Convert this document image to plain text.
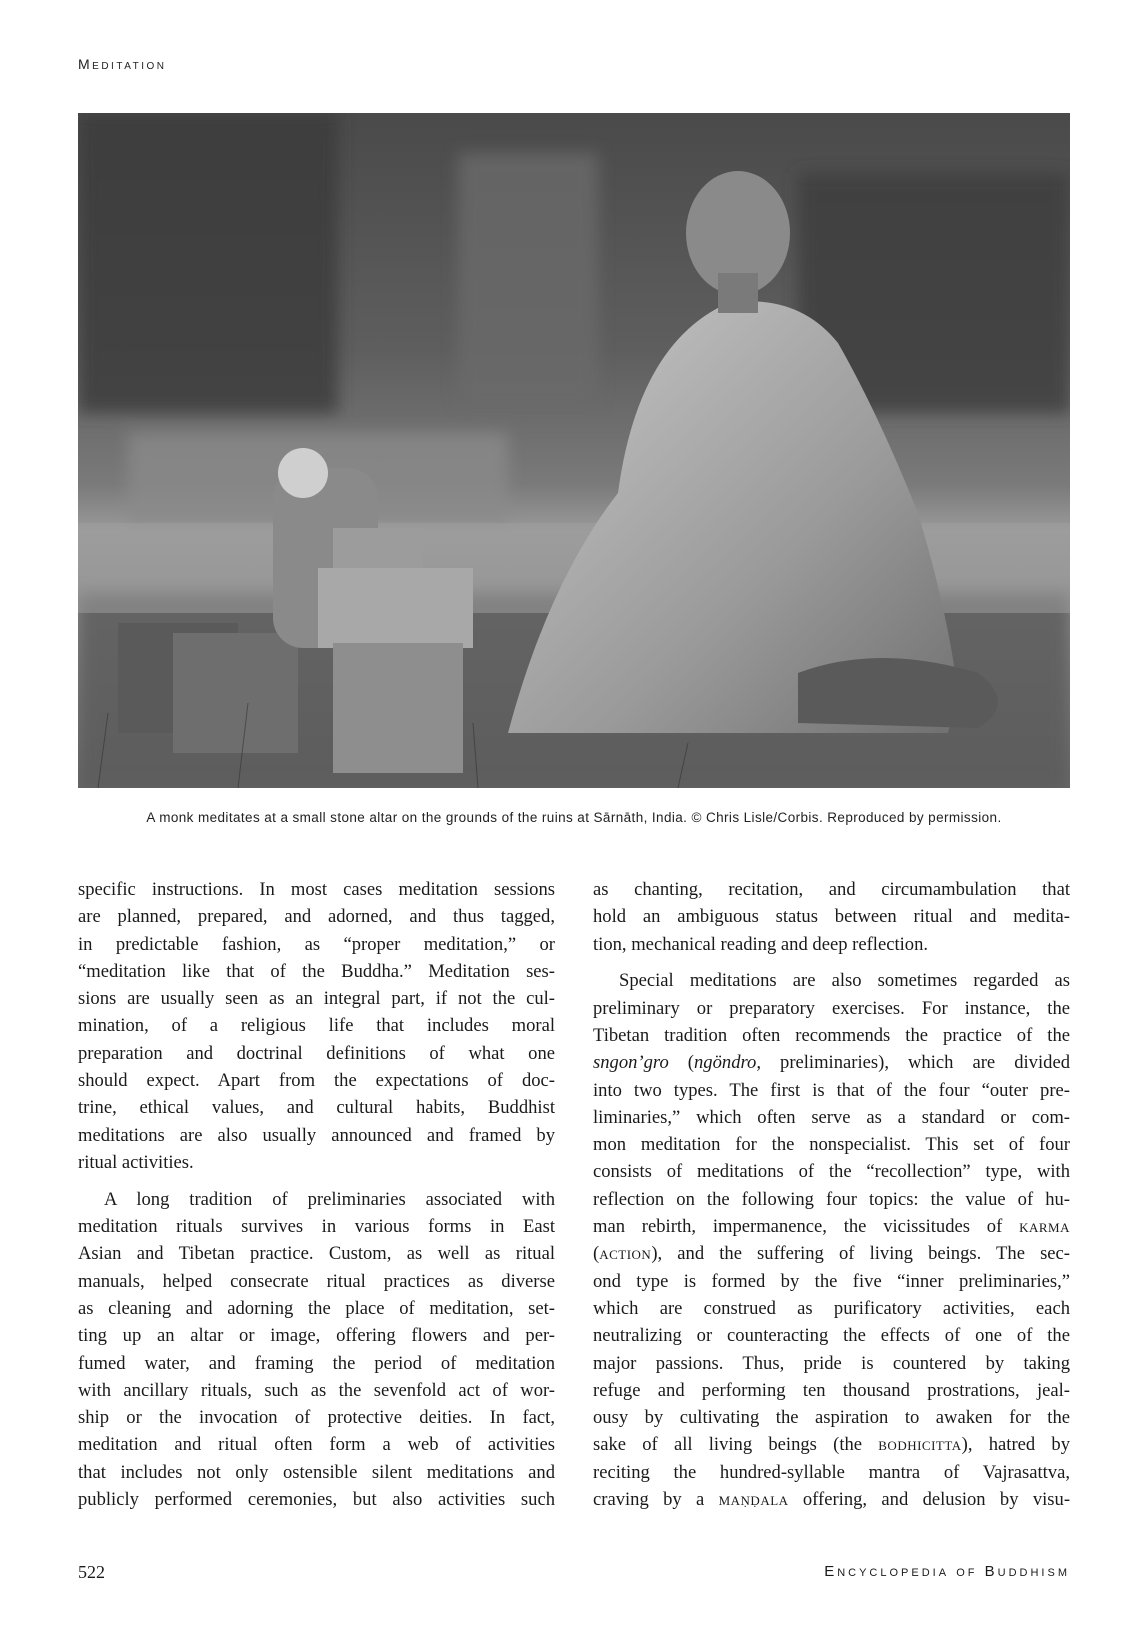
Meditation
A monk meditates at a small stone altar on the grounds of the ruins at Sārnāth, India. © Chris Lisle/Corbis. Reproduced by permission.
specific instructions. In most cases meditation sessions
are planned, prepared, and adorned, and thus tagged,
in predictable fashion, as “proper meditation,” or
“meditation like that of the Buddha.” Meditation ses-
sions are usually seen as an integral part, if not the cul-
mination, of a religious life that includes moral
preparation and doctrinal definitions of what one
should expect. Apart from the expectations of doc-
trine, ethical values, and cultural habits, Buddhist
meditations are also usually announced and framed by
ritual activities.
A long tradition of preliminaries associated with
meditation rituals survives in various forms in East
Asian and Tibetan practice. Custom, as well as ritual
manuals, helped consecrate ritual practices as diverse
as cleaning and adorning the place of meditation, set-
ting up an altar or image, offering flowers and per-
fumed water, and framing the period of meditation
with ancillary rituals, such as the sevenfold act of wor-
ship or the invocation of protective deities. In fact,
meditation and ritual often form a web of activities
that includes not only ostensible silent meditations and
publicly performed ceremonies, but also activities such
as chanting, recitation, and circumambulation that
hold an ambiguous status between ritual and medita-
tion, mechanical reading and deep reflection.
Special meditations are also sometimes regarded as
preliminary or preparatory exercises. For instance, the
Tibetan tradition often recommends the practice of the
sngon’gro (ngöndro, preliminaries), which are divided
into two types. The first is that of the four “outer pre-
liminaries,” which often serve as a standard or com-
mon meditation for the nonspecialist. This set of four
consists of meditations of the “recollection” type, with
reflection on the following four topics: the value of hu-
man rebirth, impermanence, the vicissitudes of karma
(action), and the suffering of living beings. The sec-
ond type is formed by the five “inner preliminaries,”
which are construed as purificatory activities, each
neutralizing or counteracting the effects of one of the
major passions. Thus, pride is countered by taking
refuge and performing ten thousand prostrations, jeal-
ousy by cultivating the aspiration to awaken for the
sake of all living beings (the bodhicitta), hatred by
reciting the hundred-syllable mantra of Vajrasattva,
craving by a maṇḍala offering, and delusion by visu-
522	Encyclopedia of Buddhism
